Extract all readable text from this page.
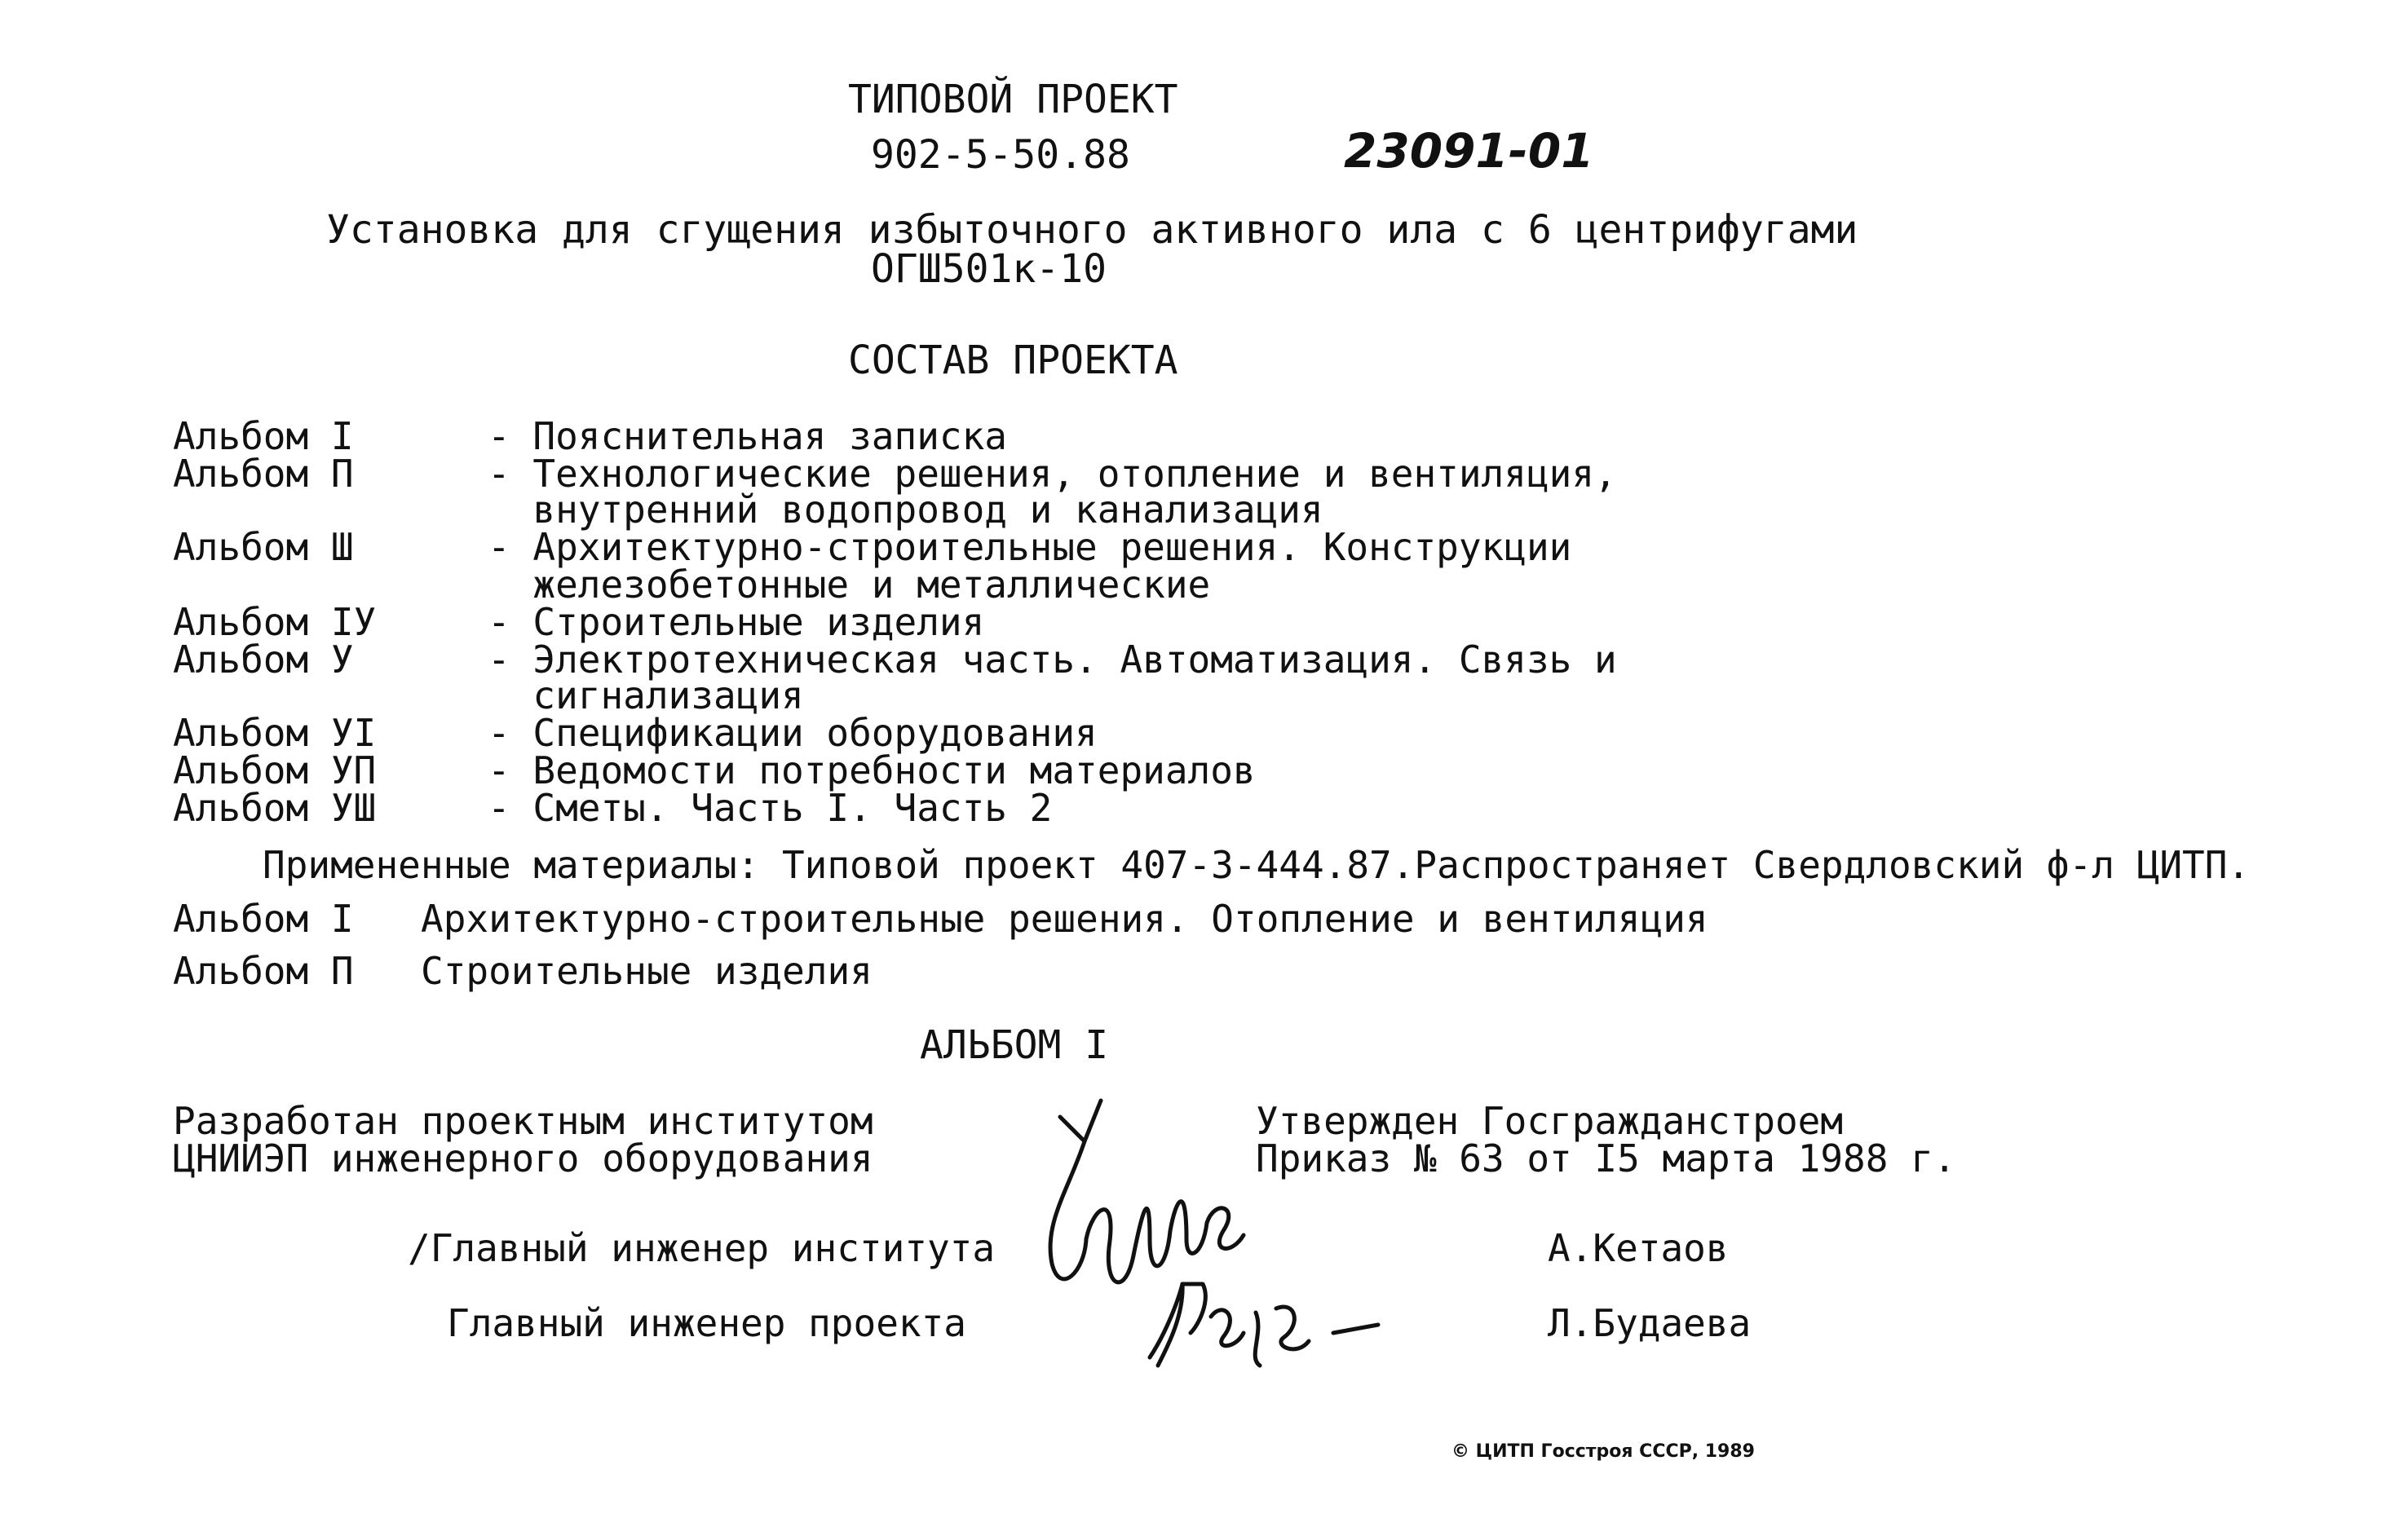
ТИПОВОЙ ПРОЕКТ
902-5-50.88	23091-01
Установка для сгущения избыточного активного ила с 6 центрифугами
ОГШ501к-10
СОСТАВ ПРОЕКТА
Альбом I	- Пояснительная записка
Альбом П	- Технологические решения, отопление и вентиляция,
внутренний водопровод и канализация
Альбом Ш	- Архитектурно-строительные решения. Конструкции
железобетонные и металлические
Альбом IУ	- Строительные изделия
Альбом У	- Электротехническая часть. Автоматизация. Связь и
сигнализация
Альбом УI	- Спецификации оборудования
Альбом УП	- Ведомости потребности материалов
Альбом УШ	- Сметы. Часть I. Часть 2
Примененные материалы: Типовой проект 407-3-444.87.Распространяет Свердловский ф-л ЦИТП.
Альбом I Архитектурно-строительные решения. Отопление и вентиляция
Альбом П Строительные изделия
АЛЬБОМ I
Разработан проектным институтом
ЦНИИЭП инженерного оборудования
Утвержден Госгражданстроем
Приказ № 63 от I5 марта 1988 г.
/Главный инженер института	А.Кетаов
Главный инженер проекта	Л.Будаева
© ЦИТП Госстроя СССР, 1989
